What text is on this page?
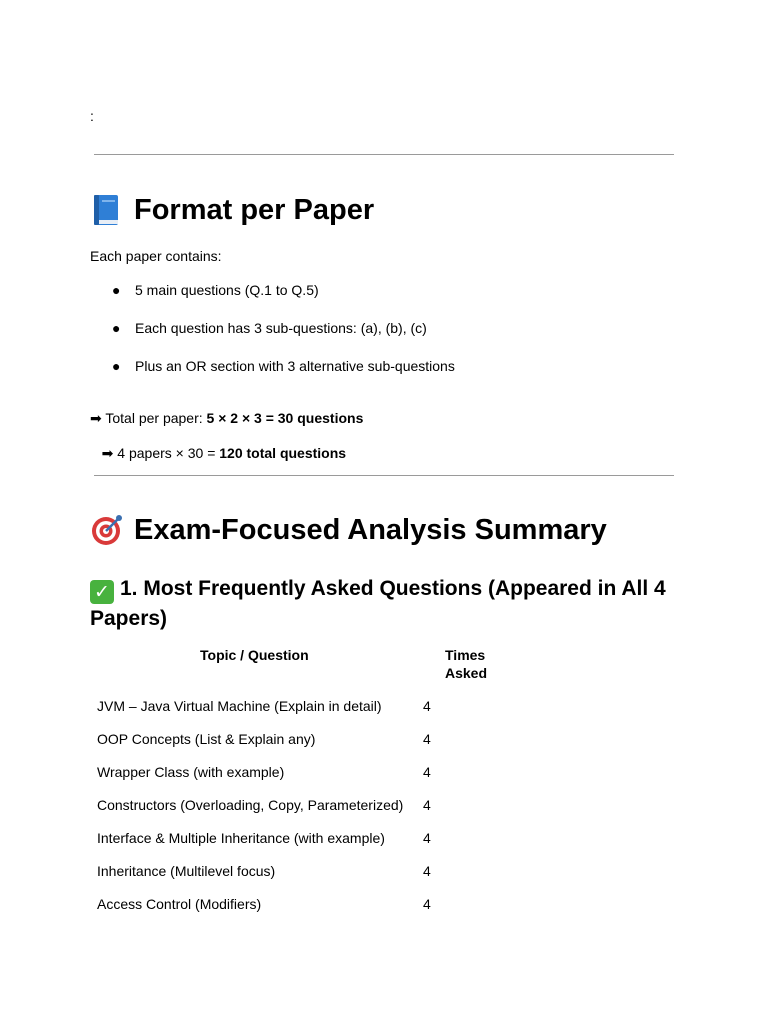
:
Format per Paper
Each paper contains:
● 5 main questions (Q.1 to Q.5)
● Each question has 3 sub-questions: (a), (b), (c)
● Plus an OR section with 3 alternative sub-questions
➡ Total per paper: 5 × 2 × 3 = 30 questions

➡ 4 papers × 30 = 120 total questions

Exam-Focused Analysis Summary
✓ 1. Most Frequently Asked Questions (Appeared in All 4 Papers)
Topic / Question	Times
Asked
JVM – Java Virtual Machine (Explain in detail)	4
OOP Concepts (List & Explain any)	4
Wrapper Class (with example)	4
Constructors (Overloading, Copy, Parameterized) 4
Interface & Multiple Inheritance (with example)	4
Inheritance (Multilevel focus)	4
Access Control (Modifiers)	4
